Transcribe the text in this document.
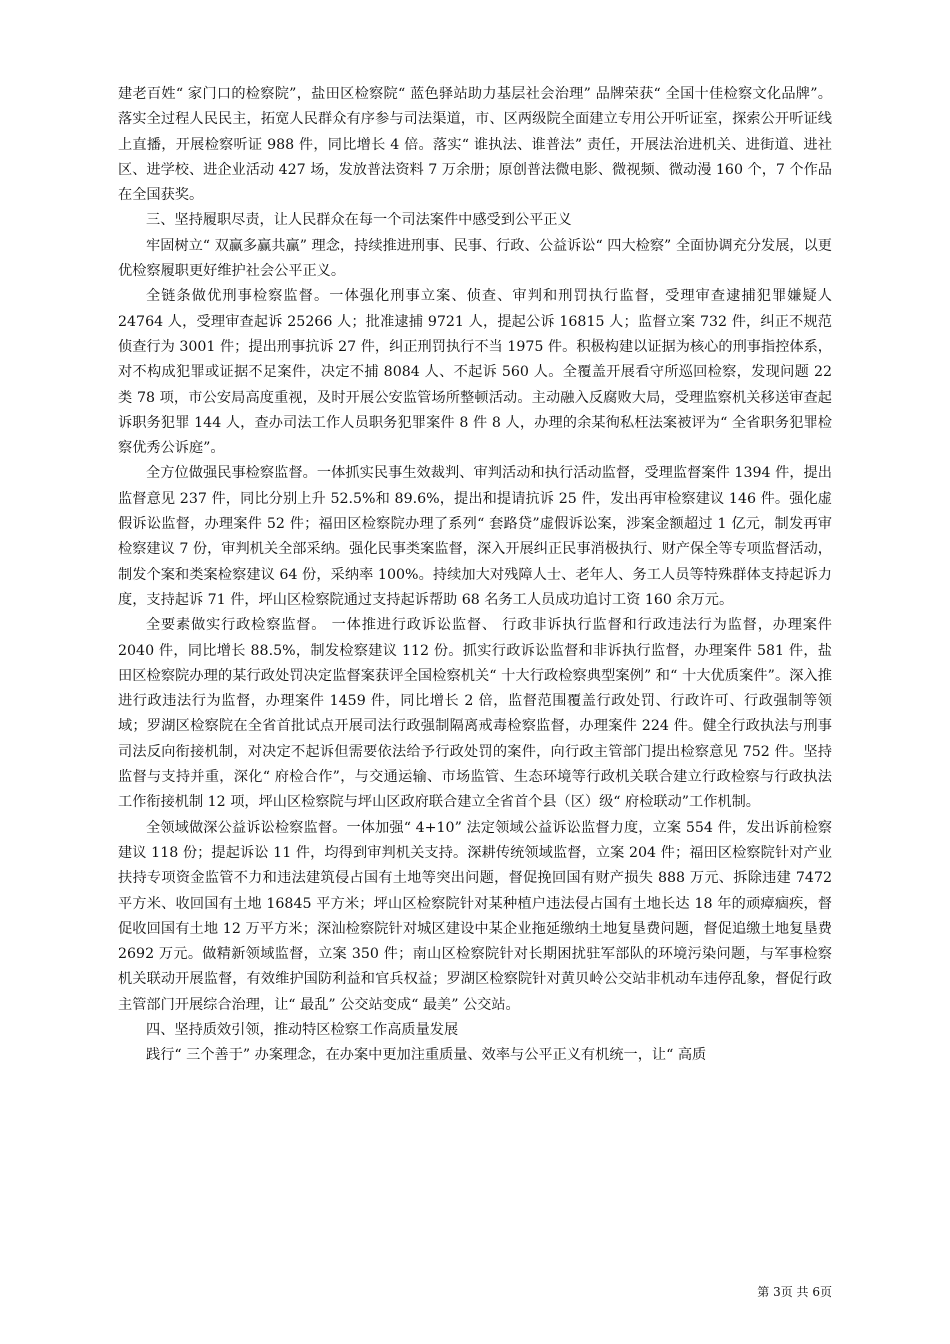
建老百姓“ 家门口的检察院”，盐田区检察院“ 蓝色驿站助力基层社会治理” 品牌荣获“ 全国十佳检察文化品牌”。落实全过程人民民主，拓宽人民群众有序参与司法渠道，市、区两级院全面建立专用公开听证室，探索公开听证线上直播，开展检察听证 988 件，同比增长 4 倍。落实“ 谁执法、谁普法” 责任，开展法治进机关、进街道、进社区、进学校、进企业活动 427 场，发放普法资料 7 万余册；原创普法微电影、微视频、微动漫 160 个，7 个作品在全国获奖。

三、坚持履职尽责，让人民群众在每一个司法案件中感受到公平正义

牢固树立“ 双赢多赢共赢” 理念，持续推进刑事、民事、行政、公益诉讼“ 四大检察” 全面协调充分发展，以更优检察履职更好维护社会公平正义。

全链条做优刑事检察监督。一体强化刑事立案、侦查、审判和刑罚执行监督，受理审查逮捕犯罪嫌疑人 24764 人，受理审查起诉 25266 人；批准逮捕 9721 人，提起公诉 16815 人；监督立案 732 件，纠正不规范侦查行为 3001 件；提出刑事抗诉 27 件，纠正刑罚执行不当 1975 件。积极构建以证据为核心的刑事指控体系，对不构成犯罪或证据不足案件，决定不捕 8084 人、不起诉 560 人。全覆盖开展看守所巡回检察，发现问题 22 类 78 项，市公安局高度重视，及时开展公安监管场所整顿活动。主动融入反腐败大局，受理监察机关移送审查起诉职务犯罪 144 人，查办司法工作人员职务犯罪案件 8 件 8 人，办理的余某徇私枉法案被评为“ 全省职务犯罪检察优秀公诉庭”。

全方位做强民事检察监督。一体抓实民事生效裁判、审判活动和执行活动监督，受理监督案件 1394 件，提出监督意见 237 件，同比分别上升 52.5%和 89.6%，提出和提请抗诉 25 件，发出再审检察建议 146 件。强化虚假诉讼监督，办理案件 52 件；福田区检察院办理了系列“ 套路贷”虚假诉讼案，涉案金额超过 1 亿元，制发再审检察建议 7 份，审判机关全部采纳。强化民事类案监督，深入开展纠正民事消极执行、财产保全等专项监督活动，制发个案和类案检察建议 64 份，采纳率 100%。持续加大对残障人士、老年人、务工人员等特殊群体支持起诉力度，支持起诉 71 件，坪山区检察院通过支持起诉帮助 68 名务工人员成功追讨工资 160 余万元。

全要素做实行政检察监督。 一体推进行政诉讼监督、 行政非诉执行监督和行政违法行为监督，办理案件 2040 件，同比增长 88.5%，制发检察建议 112 份。抓实行政诉讼监督和非诉执行监督，办理案件 581 件，盐田区检察院办理的某行政处罚决定监督案获评全国检察机关“ 十大行政检察典型案例” 和“ 十大优质案件”。深入推进行政违法行为监督，办理案件 1459 件，同比增长 2 倍，监督范围覆盖行政处罚、行政许可、行政强制等领域；罗湖区检察院在全省首批试点开展司法行政强制隔离戒毒检察监督，办理案件 224 件。健全行政执法与刑事司法反向衔接机制，对决定不起诉但需要依法给予行政处罚的案件，向行政主管部门提出检察意见 752 件。坚持监督与支持并重，深化“ 府检合作”，与交通运输、市场监管、生态环境等行政机关联合建立行政检察与行政执法工作衔接机制 12 项，坪山区检察院与坪山区政府联合建立全省首个县（区）级“ 府检联动”工作机制。

全领域做深公益诉讼检察监督。一体加强“ 4+10” 法定领域公益诉讼监督力度，立案 554 件，发出诉前检察建议 118 份；提起诉讼 11 件，均得到审判机关支持。深耕传统领域监督，立案 204 件；福田区检察院针对产业扶持专项资金监管不力和违法建筑侵占国有土地等突出问题，督促挽回国有财产损失 888 万元、拆除违建 7472 平方米、收回国有土地 16845 平方米；坪山区检察院针对某种植户违法侵占国有土地长达 18 年的顽瘴痼疾，督促收回国有土地 12 万平方米；深汕检察院针对城区建设中某企业拖延缴纳土地复垦费问题，督促追缴土地复垦费 2692 万元。做精新领域监督，立案 350 件；南山区检察院针对长期困扰驻军部队的环境污染问题，与军事检察机关联动开展监督，有效维护国防利益和官兵权益；罗湖区检察院针对黄贝岭公交站非机动车违停乱象，督促行政主管部门开展综合治理，让“ 最乱” 公交站变成“ 最美” 公交站。

四、坚持质效引领，推动特区检察工作高质量发展

践行“ 三个善于” 办案理念，在办案中更加注重质量、效率与公平正义有机统一，让“ 高质

第 3页 共 6页
